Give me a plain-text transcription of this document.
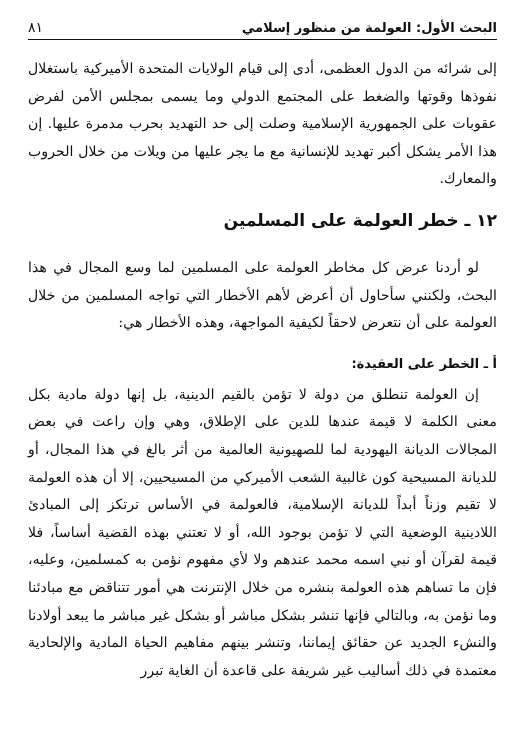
البحث الأول: العولمة من منظور إسلامي
٨١

إلى شرائه من الدول العظمى، أدى إلى قيام الولايات المتحدة الأميركية باستغلال نفوذها وقوتها والضغط على المجتمع الدولي وما يسمى بمجلس الأمن لفرض عقوبات على الجمهورية الإسلامية وصلت إلى حد التهديد بحرب مدمرة عليها. إن هذا الأمر يشكل أكبر تهديد للإنسانية مع ما يجر عليها من ويلات من خلال الحروب والمعارك.

١٢ ـ خطر العولمة على المسلمين

لو أردنا عرض كل مخاطر العولمة على المسلمين لما وسع المجال في هذا البحث، ولكنني سأحاول أن أعرض لأهم الأخطار التي تواجه المسلمين من خلال العولمة على أن نتعرض لاحقاً لكيفية المواجهة، وهذه الأخطار هي:

أ ـ الخطر على العقيدة:

إن العولمة تنطلق من دولة لا تؤمن بالقيم الدينية، بل إنها دولة مادية بكل معنى الكلمة لا قيمة عندها للدين على الإطلاق، وهي وإن راعت في بعض المجالات الديانة اليهودية لما للصهيونية العالمية من أثر بالغ في هذا المجال، أو للديانة المسيحية كون غالبية الشعب الأميركي من المسيحيين، إلا أن هذه العولمة لا تقيم وزناً أبداً للديانة الإسلامية، فالعولمة في الأساس ترتكز إلى المبادئ اللادينية الوضعية التي لا تؤمن بوجود الله، أو لا تعتني بهذه القضية أساساً، فلا قيمة لقرآن أو نبي اسمه محمد عندهم ولا لأي مفهوم نؤمن به كمسلمين، وعليه، فإن ما تساهم هذه العولمة بنشره من خلال الإنترنت هي أمور تتناقض مع مبادئنا وما نؤمن به، وبالتالي فإنها تنشر بشكل مباشر أو بشكل غير مباشر ما يبعد أولادنا والنشء الجديد عن حقائق إيماننا، وتنشر بينهم مفاهيم الحياة المادية والإلحادية معتمدة في ذلك أساليب غير شريفة على قاعدة أن الغاية تبرر
